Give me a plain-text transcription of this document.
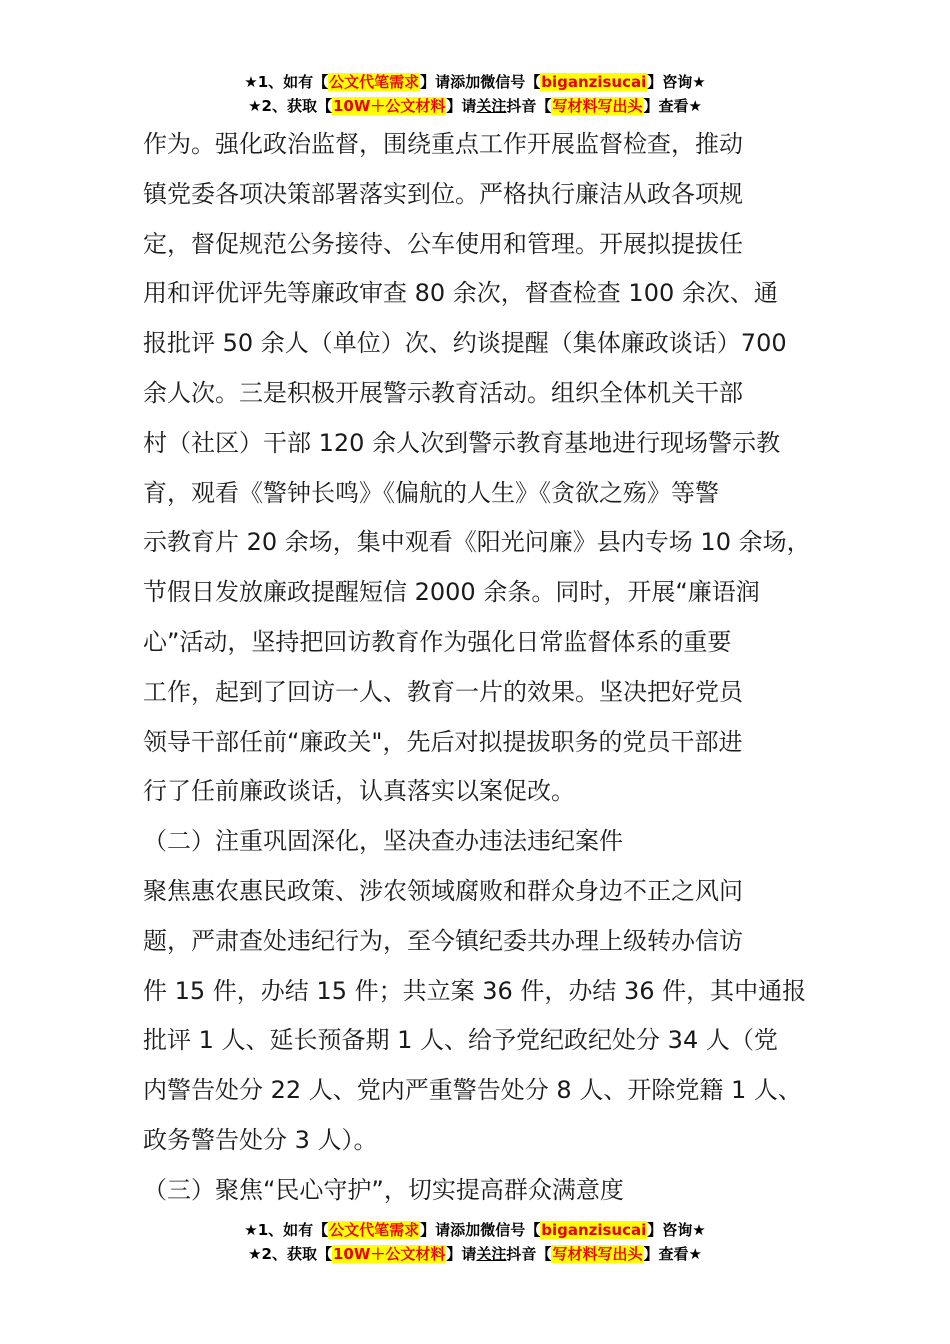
★1、如有【公文代笔需求】请添加微信号【biganzisucai】咨询★
★2、获取【10W＋公文材料】请关注抖音【写材料写出头】查看★
作为。强化政治监督，围绕重点工作开展监督检查，推动
镇党委各项决策部署落实到位。严格执行廉洁从政各项规
定，督促规范公务接待、公车使用和管理。开展拟提拔任
用和评优评先等廉政审查 80 余次，督查检查 100 余次、通
报批评 50 余人（单位）次、约谈提醒（集体廉政谈话）700
余人次。三是积极开展警示教育活动。组织全体机关干部
村（社区）干部 120 余人次到警示教育基地进行现场警示教
育，观看《警钟长鸣》《偏航的人生》《贪欲之殇》等警
示教育片 20 余场，集中观看《阳光问廉》县内专场 10 余场，
节假日发放廉政提醒短信 2000 余条。同时，开展“廉语润
心”活动，坚持把回访教育作为强化日常监督体系的重要
工作，起到了回访一人、教育一片的效果。坚决把好党员
领导干部任前“廉政关"，先后对拟提拔职务的党员干部进
行了任前廉政谈话，认真落实以案促改。
（二）注重巩固深化，坚决查办违法违纪案件
聚焦惠农惠民政策、涉农领域腐败和群众身边不正之风问
题，严肃查处违纪行为，至今镇纪委共办理上级转办信访
件 15 件，办结 15 件；共立案 36 件，办结 36 件，其中通报
批评 1 人、延长预备期 1 人、给予党纪政纪处分 34 人（党
内警告处分 22 人、党内严重警告处分 8 人、开除党籍 1 人、
政务警告处分 3 人）。
（三）聚焦“民心守护”，切实提高群众满意度
★1、如有【公文代笔需求】请添加微信号【biganzisucai】咨询★
★2、获取【10W＋公文材料】请关注抖音【写材料写出头】查看★
